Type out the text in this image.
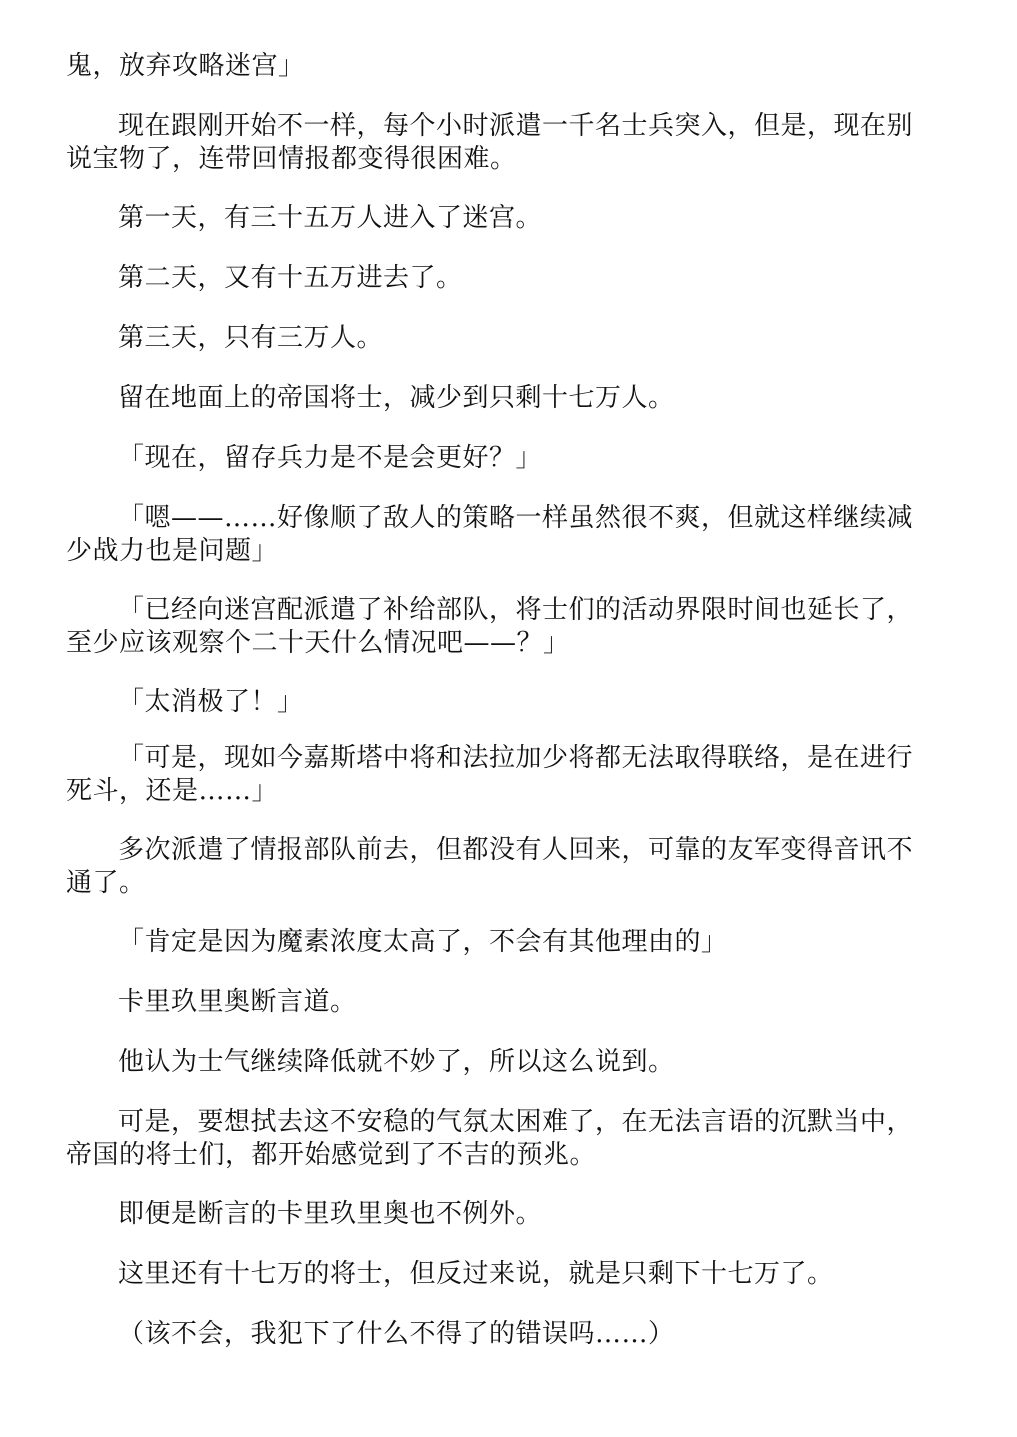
鬼，放弃攻略迷宫」

现在跟刚开始不一样，每个小时派遣一千名士兵突入，但是，现在别说宝物了，连带回情报都变得很困难。

第一天，有三十五万人进入了迷宫。

第二天，又有十五万进去了。

第三天，只有三万人。

留在地面上的帝国将士，减少到只剩十七万人。

「现在，留存兵力是不是会更好？」

「嗯——……好像顺了敌人的策略一样虽然很不爽，但就这样继续减少战力也是问题」

「已经向迷宫配派遣了补给部队，将士们的活动界限时间也延长了，至少应该观察个二十天什么情况吧——？」

「太消极了！」

「可是，现如今嘉斯塔中将和法拉加少将都无法取得联络，是在进行死斗，还是……」

多次派遣了情报部队前去，但都没有人回来，可靠的友军变得音讯不通了。

「肯定是因为魔素浓度太高了，不会有其他理由的」

卡里玖里奥断言道。

他认为士气继续降低就不妙了，所以这么说到。

可是，要想拭去这不安稳的气氛太困难了，在无法言语的沉默当中，帝国的将士们，都开始感觉到了不吉的预兆。

即便是断言的卡里玖里奥也不例外。

这里还有十七万的将士，但反过来说，就是只剩下十七万了。

（该不会，我犯下了什么不得了的错误吗……）
